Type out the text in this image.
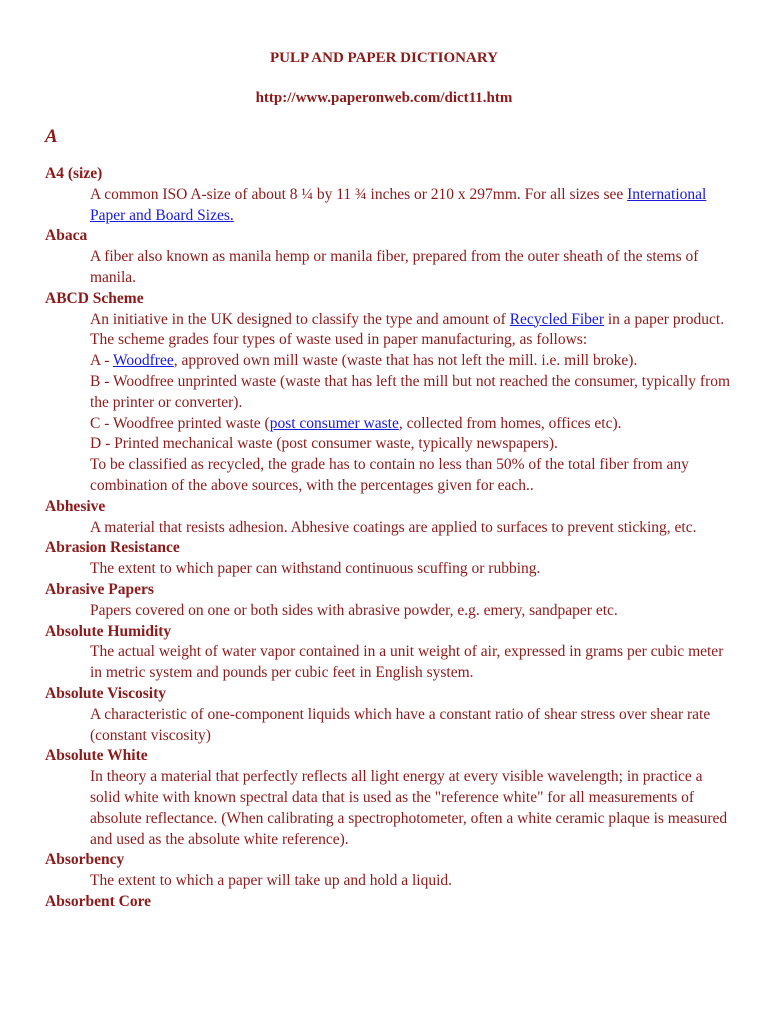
PULP AND PAPER DICTIONARY
http://www.paperonweb.com/dict11.htm
A
A4 (size)
A common ISO A-size of about 8 ¼ by 11 ¾ inches or 210 x 297mm. For all sizes see International Paper and Board Sizes.
Abaca
A fiber also known as manila hemp or manila fiber, prepared from the outer sheath of the stems of manila.
ABCD Scheme

An initiative in the UK designed to classify the type and amount of Recycled Fiber in a paper product. The scheme grades four types of waste used in paper manufacturing, as follows:

A - Woodfree, approved own mill waste (waste that has not left the mill. i.e. mill broke).

B - Woodfree unprinted waste (waste that has left the mill but not reached the consumer, typically from the printer or converter).

C - Woodfree printed waste (post consumer waste, collected from homes, offices etc).

D - Printed mechanical waste (post consumer waste, typically newspapers).

To be classified as recycled, the grade has to contain no less than 50% of the total fiber from any combination of the above sources, with the percentages given for each..

Abhesive
A material that resists adhesion. Abhesive coatings are applied to surfaces to prevent sticking, etc.
Abrasion Resistance
The extent to which paper can withstand continuous scuffing or rubbing.
Abrasive Papers
Papers covered on one or both sides with abrasive powder, e.g. emery, sandpaper etc.
Absolute Humidity
The actual weight of water vapor contained in a unit weight of air, expressed in grams per cubic meter in metric system and pounds per cubic feet in English system.
Absolute Viscosity
A characteristic of one-component liquids which have a constant ratio of shear stress over shear rate (constant viscosity)
Absolute White
In theory a material that perfectly reflects all light energy at every visible wavelength; in practice a solid white with known spectral data that is used as the "reference white" for all measurements of absolute reflectance. (When calibrating a spectrophotometer, often a white ceramic plaque is measured and used as the absolute white reference).
Absorbency
The extent to which a paper will take up and hold a liquid.
Absorbent Core
